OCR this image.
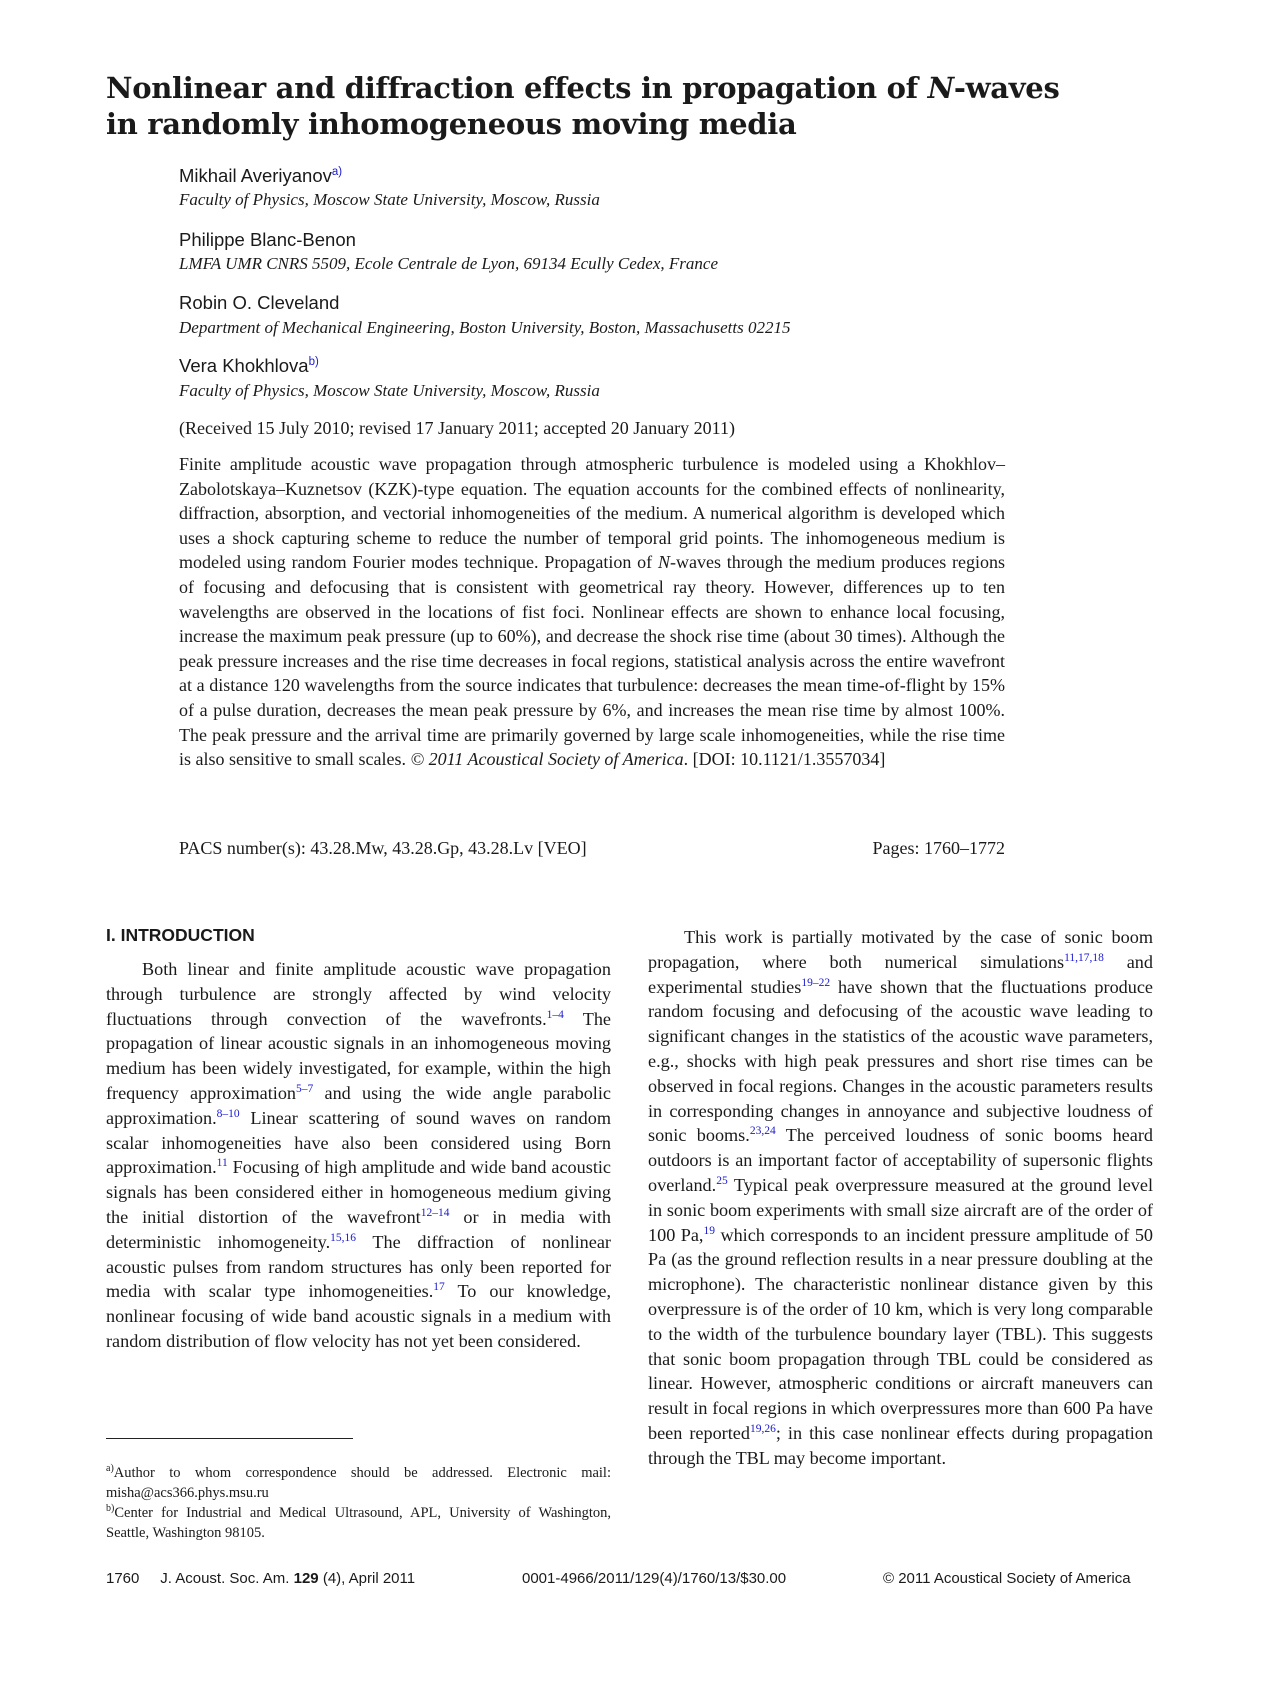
Nonlinear and diffraction effects in propagation of N-waves
in randomly inhomogeneous moving media
Mikhail Averiyanov$^{a)}$
Faculty of Physics, Moscow State University, Moscow, Russia
Philippe Blanc-Benon
LMFA UMR CNRS 5509, Ecole Centrale de Lyon, 69134 Ecully Cedex, France
Robin O. Cleveland
Department of Mechanical Engineering, Boston University, Boston, Massachusetts 02215
Vera Khokhlova$^{b)}$
Faculty of Physics, Moscow State University, Moscow, Russia
(Received 15 July 2010; revised 17 January 2011; accepted 20 January 2011)
Finite amplitude acoustic wave propagation through atmospheric turbulence is modeled using a Khokhlov–Zabolotskaya–Kuznetsov (KZK)-type equation. The equation accounts for the combined effects of nonlinearity, diffraction, absorption, and vectorial inhomogeneities of the medium. A numerical algorithm is developed which uses a shock capturing scheme to reduce the number of temporal grid points. The inhomogeneous medium is modeled using random Fourier modes technique. Propagation of N-waves through the medium produces regions of focusing and defocusing that is consistent with geometrical ray theory. However, differences up to ten wavelengths are observed in the locations of fist foci. Nonlinear effects are shown to enhance local focusing, increase the maximum peak pressure (up to 60%), and decrease the shock rise time (about 30 times). Although the peak pressure increases and the rise time decreases in focal regions, statistical analysis across the entire wavefront at a distance 120 wavelengths from the source indicates that turbulence: decreases the mean time-of-flight by 15% of a pulse duration, decreases the mean peak pressure by 6%, and increases the mean rise time by almost 100%. The peak pressure and the arrival time are primarily governed by large scale inhomogeneities, while the rise time is also sensitive to small scales. © 2011 Acoustical Society of America. [DOI: 10.1121/1.3557034]
PACS number(s): 43.28.Mw, 43.28.Gp, 43.28.Lv [VEO]	Pages: 1760–1772
I. INTRODUCTION

Both linear and finite amplitude acoustic wave propagation through turbulence are strongly affected by wind velocity fluctuations through convection of the wavefronts.$^{1-4}$ The propagation of linear acoustic signals in an inhomogeneous moving medium has been widely investigated, for example, within the high frequency approximation$^{5-7}$ and using the wide angle parabolic approximation.$^{8-10}$ Linear scattering of sound waves on random scalar inhomogeneities have also been considered using Born approximation.$^{11}$ Focusing of high amplitude and wide band acoustic signals has been considered either in homogeneous medium giving the initial distortion of the wavefront$^{12-14}$ or in media with deterministic inhomogeneity.$^{15,16}$ The diffraction of nonlinear acoustic pulses from random structures has only been reported for media with scalar type inhomogeneities.$^{17}$ To our knowledge, nonlinear focusing of wide band acoustic signals in a medium with random distribution of flow velocity has not yet been considered.

This work is partially motivated by the case of sonic boom propagation, where both numerical simulations$^{11,17,18}$ and experimental studies$^{19-22}$ have shown that the fluctuations produce random focusing and defocusing of the acoustic wave leading to significant changes in the statistics of the acoustic wave parameters, e.g., shocks with high peak pressures and short rise times can be observed in focal regions. Changes in the acoustic parameters results in corresponding changes in annoyance and subjective loudness of sonic booms.$^{23,24}$ The perceived loudness of sonic booms heard outdoors is an important factor of acceptability of supersonic flights overland.$^{25}$ Typical peak overpressure measured at the ground level in sonic boom experiments with small size aircraft are of the order of 100 Pa,$^{19}$ which corresponds to an incident pressure amplitude of 50 Pa (as the ground reflection results in a near pressure doubling at the microphone). The characteristic nonlinear distance given by this overpressure is of the order of 10 km, which is very long comparable to the width of the turbulence boundary layer (TBL). This suggests that sonic boom propagation through TBL could be considered as linear. However, atmospheric conditions or aircraft maneuvers can result in focal regions in which overpressures more than 600 Pa have been reported$^{19,26}$; in this case nonlinear effects during propagation through the TBL may become important.

$^{a)}$Author to whom correspondence should be addressed. Electronic mail: misha@acs366.phys.msu.ru
$^{b)}$Center for Industrial and Medical Ultrasound, APL, University of Washington, Seattle, Washington 98105.
1760 J. Acoust. Soc. Am. 129 (4), April 2011	0001-4966/2011/129(4)/1760/13/$30.00	© 2011 Acoustical Society of America
